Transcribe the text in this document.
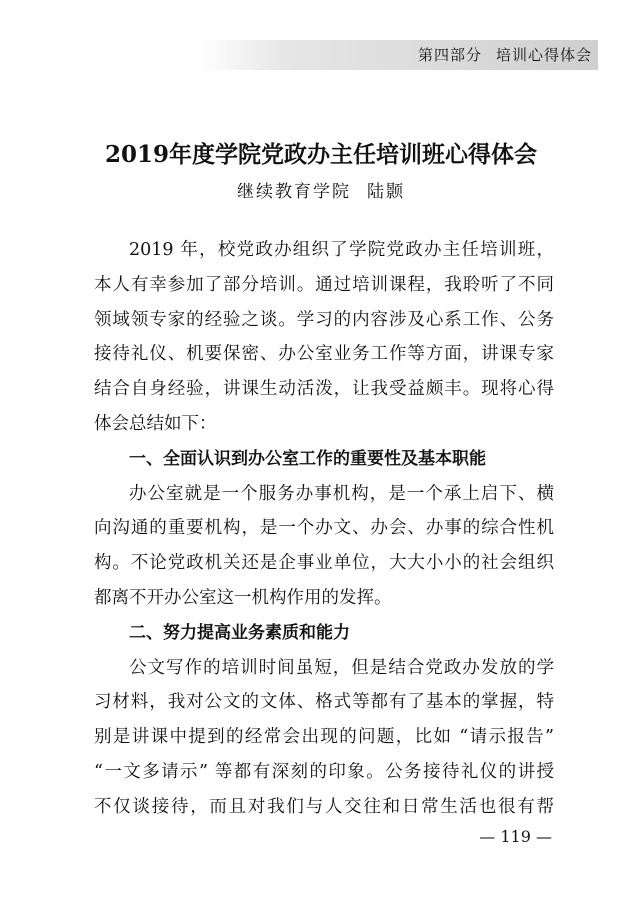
第四部分 培训心得体会
2019年度学院党政办主任培训班心得体会
继续教育学院 陆颢
2019 年，校党政办组织了学院党政办主任培训班，
本人有幸参加了部分培训。通过培训课程，我聆听了不同
领域领专家的经验之谈。学习的内容涉及心系工作、公务
接待礼仪、机要保密、办公室业务工作等方面，讲课专家
结合自身经验，讲课生动活泼，让我受益颇丰。现将心得
体会总结如下：
一、全面认识到办公室工作的重要性及基本职能
办公室就是一个服务办事机构，是一个承上启下、横
向沟通的重要机构，是一个办文、办会、办事的综合性机
构。不论党政机关还是企事业单位，大大小小的社会组织
都离不开办公室这一机构作用的发挥。
二、努力提高业务素质和能力
公文写作的培训时间虽短，但是结合党政办发放的学
习材料，我对公文的文体、格式等都有了基本的掌握，特
别是讲课中提到的经常会出现的问题，比如 “请示报告”
“一文多请示” 等都有深刻的印象。公务接待礼仪的讲授
不仅谈接待，而且对我们与人交往和日常生活也很有帮
— 119 —
